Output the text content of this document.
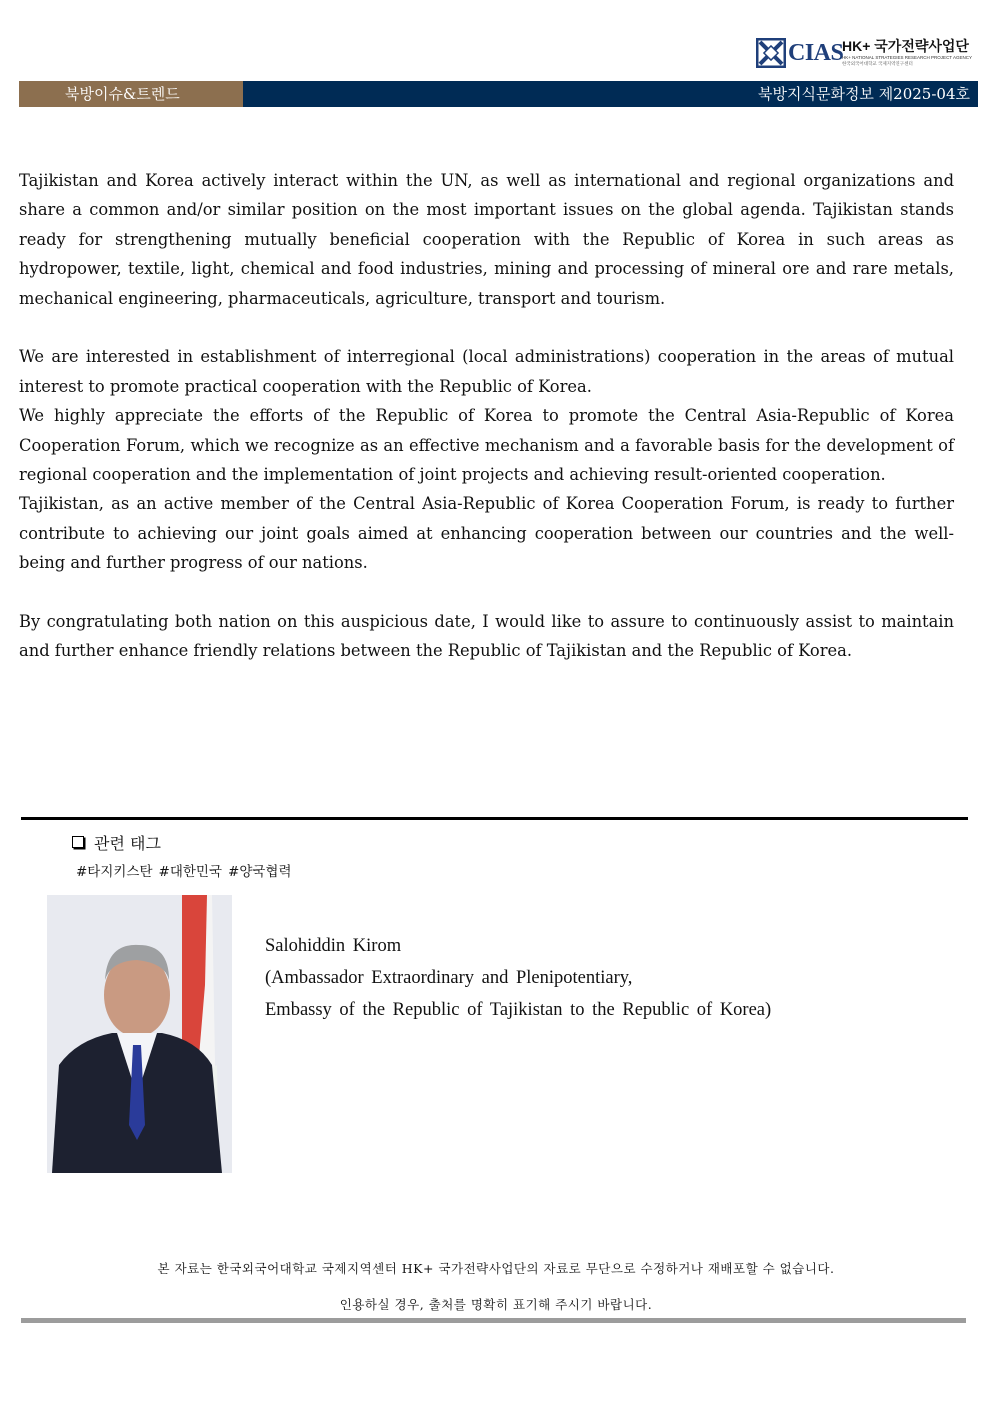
CIAS
HK+ 국가전략사업단
HK+ NATIONAL STRATEGIES RESEARCH PROJECT AGENCY
한국외국어대학교 국제지역연구센터
북방이슈&트렌드	북방지식문화정보 제2025-04호

Tajikistan and Korea actively interact within the UN, as well as international and regional organizations and share a common and/or similar position on the most important issues on the global agenda. Tajikistan stands ready for strengthening mutually beneficial cooperation with the Republic of Korea in such areas as hydropower, textile, light, chemical and food industries, mining and processing of mineral ore and rare metals, mechanical engineering, pharmaceuticals, agriculture, transport and tourism.

We are interested in establishment of interregional (local administrations) cooperation in the areas of mutual interest to promote practical cooperation with the Republic of Korea.

We highly appreciate the efforts of the Republic of Korea to promote the Central Asia-Republic of Korea Cooperation Forum, which we recognize as an effective mechanism and a favorable basis for the development of regional cooperation and the implementation of joint projects and achieving result-oriented cooperation.

Tajikistan, as an active member of the Central Asia-Republic of Korea Cooperation Forum, is ready to further contribute to achieving our joint goals aimed at enhancing cooperation between our countries and the well-being and further progress of our nations.

By congratulating both nation on this auspicious date, I would like to assure to continuously assist to maintain and further enhance friendly relations between the Republic of Tajikistan and the Republic of Korea.

관련 태그
#타지키스탄 #대한민국 #양국협력
Salohiddin Kirom
(Ambassador Extraordinary and Plenipotentiary,
Embassy of the Republic of Tajikistan to the Republic of Korea)
본 자료는 한국외국어대학교 국제지역센터 HK+ 국가전략사업단의 자료로 무단으로 수정하거나 재배포할 수 없습니다.
인용하실 경우, 출처를 명확히 표기해 주시기 바랍니다.
